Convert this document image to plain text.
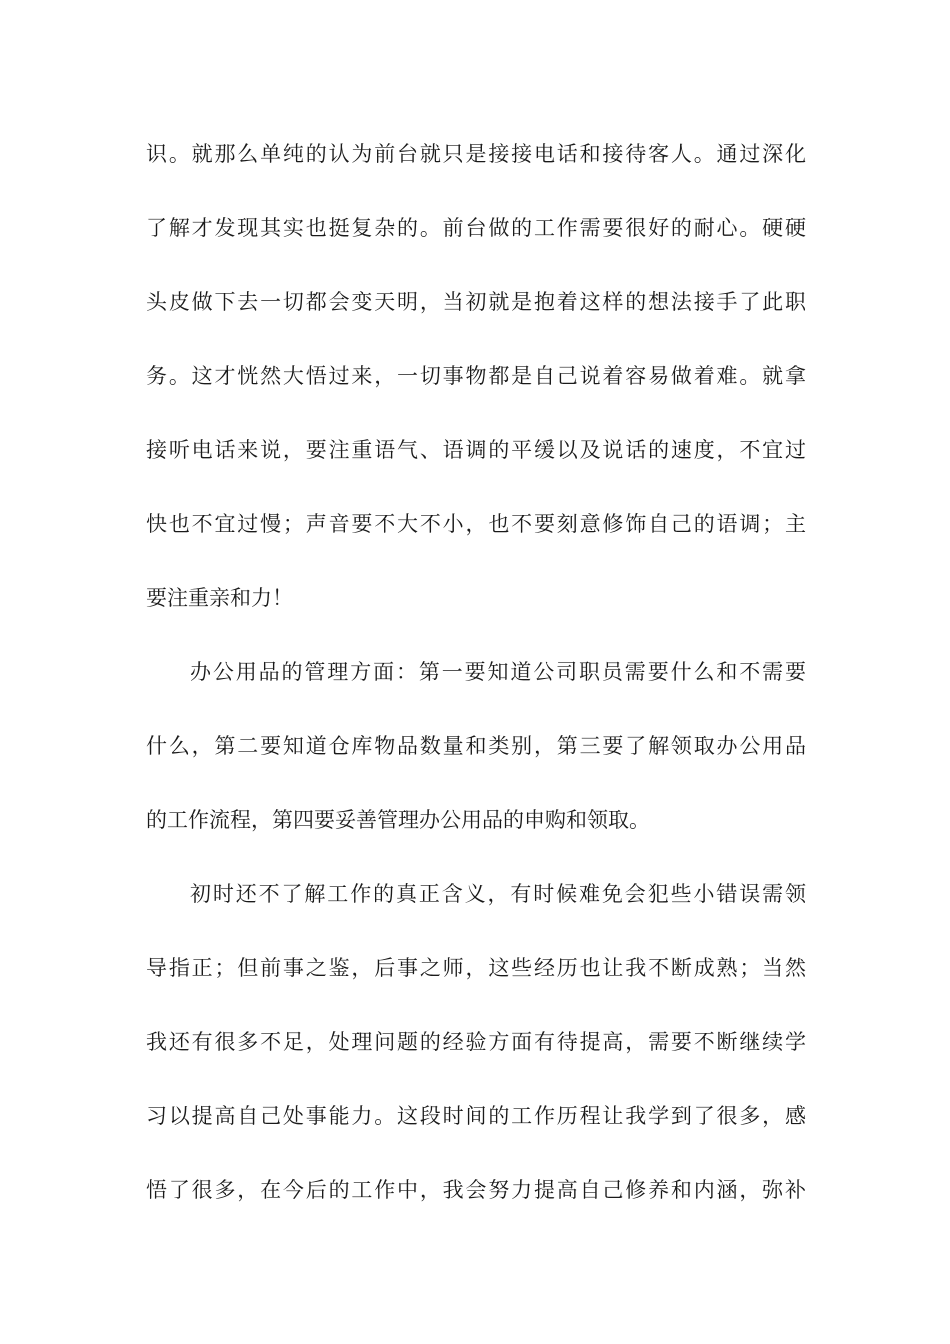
识。就那么单纯的认为前台就只是接接电话和接待客人。通过深化
了解才发现其实也挺复杂的。前台做的工作需要很好的耐心。硬硬
头皮做下去一切都会变天明，当初就是抱着这样的想法接手了此职
务。这才恍然大悟过来，一切事物都是自己说着容易做着难。就拿
接听电话来说，要注重语气、语调的平缓以及说话的速度，不宜过
快也不宜过慢；声音要不大不小，也不要刻意修饰自己的语调；主
要注重亲和力！
办公用品的管理方面：第一要知道公司职员需要什么和不需要
什么，第二要知道仓库物品数量和类别，第三要了解领取办公用品
的工作流程，第四要妥善管理办公用品的申购和领取。
初时还不了解工作的真正含义，有时候难免会犯些小错误需领
导指正；但前事之鉴，后事之师，这些经历也让我不断成熟；当然
我还有很多不足，处理问题的经验方面有待提高，需要不断继续学
习以提高自己处事能力。这段时间的工作历程让我学到了很多，感
悟了很多，在今后的工作中，我会努力提高自己修养和内涵，弥补
